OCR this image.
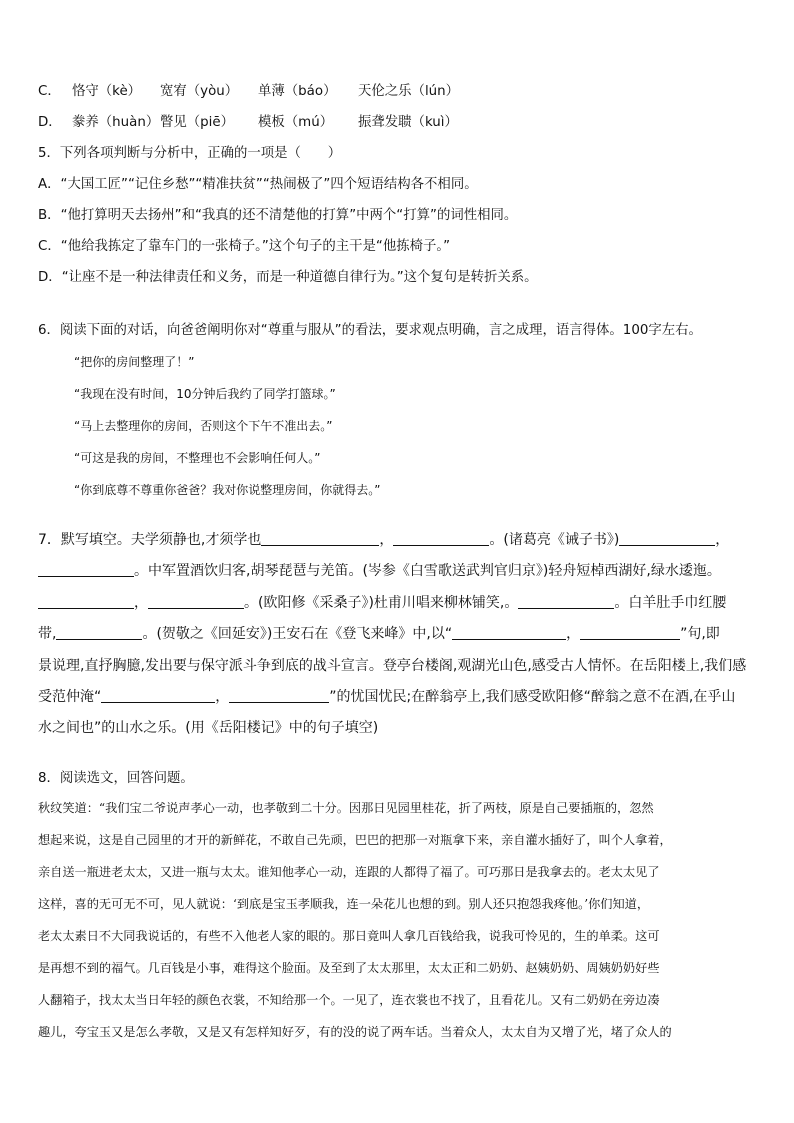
C． 恪守（kè） 宽宥（yòu） 单薄（báo） 天伦之乐（lún）
D． 豢养（huàn）瞥见（piē） 模板（mú） 振聋发聩（kuì）
5．下列各项判断与分析中，正确的一项是（　　）
A．“大国工匠”“记住乡愁”“精准扶贫”“热闹极了”四个短语结构各不相同。
B．“他打算明天去扬州”和“我真的还不清楚他的打算”中两个“打算”的词性相同。
C．“他给我拣定了靠车门的一张椅子。”这个句子的主干是“他拣椅子。”
D．“让座不是一种法律责任和义务，而是一种道德自律行为。”这个复句是转折关系。
6．阅读下面的对话，向爸爸阐明你对“尊重与服从”的看法，要求观点明确，言之成理，语言得体。100字左右。
“把你的房间整理了！”
“我现在没有时间，10分钟后我约了同学打篮球。”
“马上去整理你的房间，否则这个下午不准出去。”
“可这是我的房间，不整理也不会影响任何人。”
“你到底尊不尊重你爸爸？我对你说整理房间，你就得去。”
7．默写填空。夫学须静也,才须学也	，	。(诸葛亮《诫子书》)	，
。中军置酒饮归客,胡琴琵琶与羌笛。(岑参《白雪歌送武判官归京》)轻舟短棹西湖好,绿水逶迤。
，	。(欧阳修《采桑子》)杜甫川唱来柳林铺笑,。	。白羊肚手巾红腰
带,	。(贺敬之《回延安》)王安石在《登飞来峰》中,以“	，	”句,即
景说理,直抒胸臆,发出要与保守派斗争到底的战斗宣言。登亭台楼阁,观湖光山色,感受古人情怀。在岳阳楼上,我们感
受范仲淹“	，	”的忧国忧民;在醉翁亭上,我们感受欧阳修“醉翁之意不在酒,在乎山
水之间也”的山水之乐。(用《岳阳楼记》中的句子填空)
8．阅读选文，回答问题。
秋纹笑道：“我们宝二爷说声孝心一动，也孝敬到二十分。因那日见园里桂花，折了两枝，原是自己要插瓶的，忽然
想起来说，这是自己园里的才开的新鲜花，不敢自己先顽，巴巴的把那一对瓶拿下来，亲自灌水插好了，叫个人拿着，
亲自送一瓶进老太太，又进一瓶与太太。谁知他孝心一动，连跟的人都得了福了。可巧那日是我拿去的。老太太见了
这样，喜的无可无不可，见人就说：‘到底是宝玉孝顺我，连一朵花儿也想的到。别人还只抱怨我疼他。’你们知道，
老太太素日不大同我说话的，有些不入他老人家的眼的。那日竟叫人拿几百钱给我，说我可怜见的，生的单柔。这可
是再想不到的福气。几百钱是小事，难得这个脸面。及至到了太太那里，太太正和二奶奶、赵姨奶奶、周姨奶奶好些
人翻箱子，找太太当日年轻的颜色衣裳，不知给那一个。一见了，连衣裳也不找了，且看花儿。又有二奶奶在旁边凑
趣儿，夸宝玉又是怎么孝敬，又是又有怎样知好歹，有的没的说了两车话。当着众人，太太自为又增了光，堵了众人的
